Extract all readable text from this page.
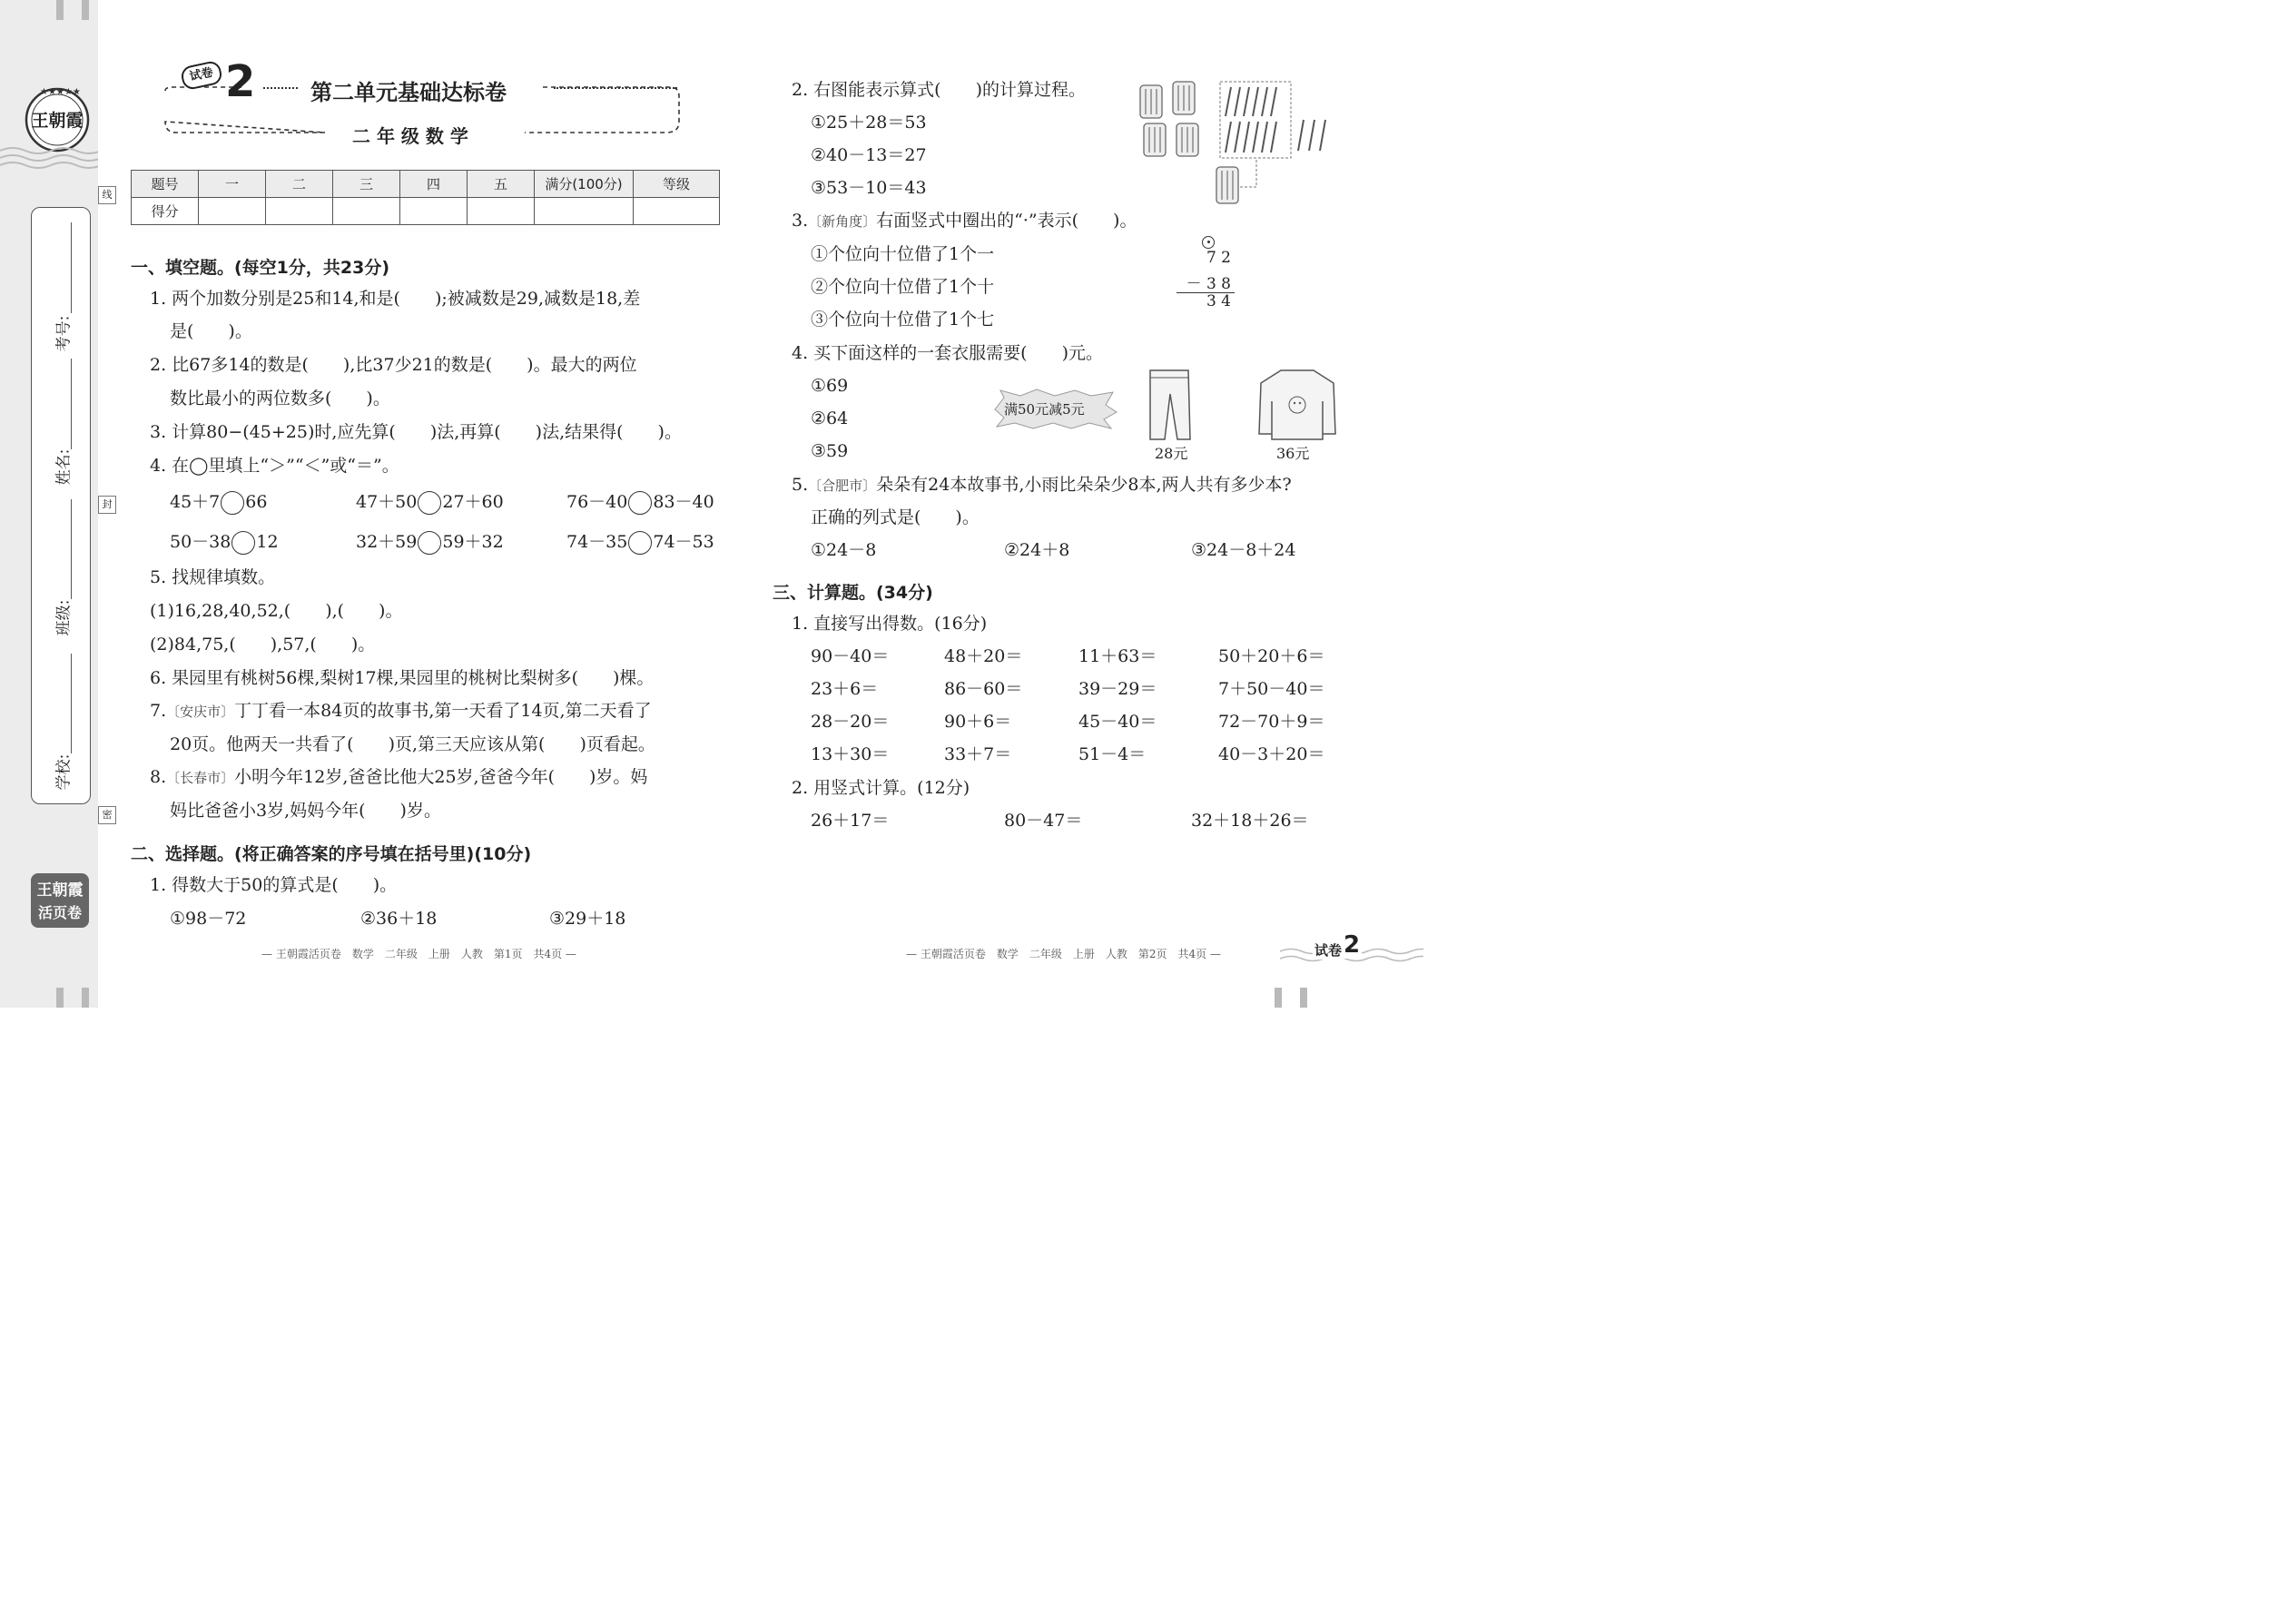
★★★★★
王朝霞
考号:
姓名:
班级:
学校:
线
封
密
王朝霞
活页卷
试卷 2	第二单元基础达标卷
二 年 级 数 学
题号	一	二	三	四	五	满分(100分)	等级
得分							
一、填空题。(每空1分，共23分)
1. 两个加数分别是25和14,和是(　　);被减数是29,减数是18,差
是(　　)。
2. 比67多14的数是(　　),比37少21的数是(　　)。最大的两位
数比最小的两位数多(　　)。
3. 计算80−(45+25)时,应先算(　　)法,再算(　　)法,结果得(　　)。
4. 在◯里填上“＞”“＜”或“＝”。
45＋7 66	47＋50 27＋60	76－40 83－40
50－38 12	32＋59 59＋32	74－35 74－53
5. 找规律填数。
(1)16,28,40,52,(　　),(　　)。
(2)84,75,(　　),57,(　　)。
6. 果园里有桃树56棵,梨树17棵,果园里的桃树比梨树多(　　)棵。
7.〔安庆市〕丁丁看一本84页的故事书,第一天看了14页,第二天看了
20页。他两天一共看了(　　)页,第三天应该从第(　　)页看起。
8.〔长春市〕小明今年12岁,爸爸比他大25岁,爸爸今年(　　)岁。妈
妈比爸爸小3岁,妈妈今年(　　)岁。
二、选择题。(将正确答案的序号填在括号里)(10分)
1. 得数大于50的算式是(　　)。
①98－72	②36＋18	③29＋18
— 王朝霞活页卷　数学　二年级　上册　人教　第1页　共4页 —
2. 右图能表示算式(　　)的计算过程。
①25＋28＝53
②40－13＝27
③53－10＝43
3.〔新角度〕右面竖式中圈出的“·”表示(　　)。
①个位向十位借了1个一
②个位向十位借了1个十
③个位向十位借了1个七
7 2
－ 3 8
3 4
4. 买下面这样的一套衣服需要(　　)元。
①69
②64
③59
满50元减5元
28元	36元
5.〔合肥市〕朵朵有24本故事书,小雨比朵朵少8本,两人共有多少本?
正确的列式是(　　)。
①24－8	②24＋8	③24－8＋24
三、计算题。(34分)
1. 直接写出得数。(16分)
90－40＝	48＋20＝	11＋63＝	50＋20＋6＝
23＋6＝	86－60＝	39－29＝	7＋50－40＝
28－20＝	90＋6＝	45－40＝	72－70＋9＝
13＋30＝	33＋7＝	51－4＝	40－3＋20＝
2. 用竖式计算。(12分)
26＋17＝	80－47＝	32＋18＋26＝
— 王朝霞活页卷　数学　二年级　上册　人教　第2页　共4页 —	试卷 2
